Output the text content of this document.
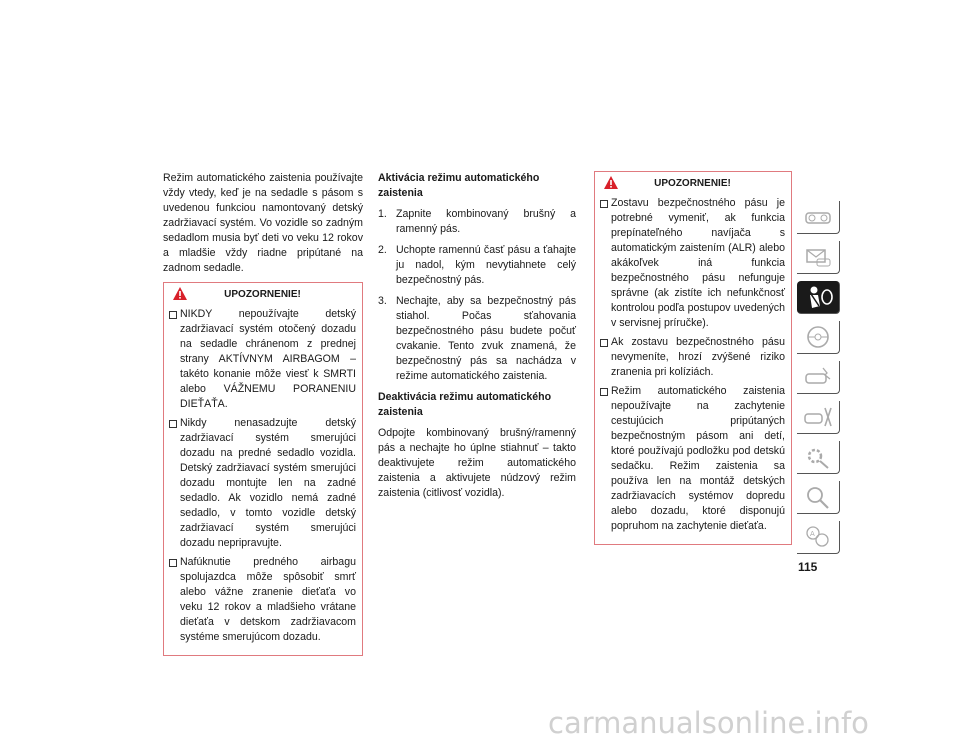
Režim automatického zaistenia používajte vždy vtedy, keď je na sedadle s pásom s uvedenou funkciou namontovaný detský zadržiavací systém. Vo vozidle so zadným sedadlom musia byť deti vo veku 12 rokov a mladšie vždy riadne pripútané na zadnom sedadle.

UPOZORNENIE!
NIKDY nepoužívajte detský zadržiavací systém otočený dozadu na sedadle chránenom z prednej strany AKTÍVNYM AIRBAGOM – takéto konanie môže viesť k SMRTI alebo VÁŽNEMU PORANENIU DIEŤAŤA.
Nikdy nenasadzujte detský zadržiavací systém smerujúci dozadu na predné sedadlo vozidla. Detský zadržiavací systém smerujúci dozadu montujte len na zadné sedadlo. Ak vozidlo nemá zadné sedadlo, v tomto vozidle detský zadržiavací systém smerujúci dozadu nepripravujte.
Nafúknutie predného airbagu spolujazdca môže spôsobiť smrť alebo vážne zranenie dieťaťa vo veku 12 rokov a mladšieho vrátane dieťaťa v detskom zadržiavacom systéme smerujúcom dozadu.
Aktivácia režimu automatického zaistenia
1. Zapnite kombinovaný brušný a ramenný pás.
2. Uchopte ramennú časť pásu a ťahajte ju nadol, kým nevytiahnete celý bezpečnostný pás.
3. Nechajte, aby sa bezpečnostný pás stiahol. Počas sťahovania bezpečnostného pásu budete počuť cvakanie. Tento zvuk znamená, že bezpečnostný pás sa nachádza v režime automatického zaistenia.
Deaktivácia režimu automatického zaistenia

Odpojte kombinovaný brušný/ramenný pás a nechajte ho úplne stiahnuť – takto deaktivujete režim automatického zaistenia a aktivujete núdzový režim zaistenia (citlivosť vozidla).

UPOZORNENIE!
Zostavu bezpečnostného pásu je potrebné vymeniť, ak funkcia prepínateľného navíjača s automatickým zaistením (ALR) alebo akákoľvek iná funkcia bezpečnostného pásu nefunguje správne (ak zistíte ich nefunkčnosť kontrolou podľa postupov uvedených v servisnej príručke).
Ak zostavu bezpečnostného pásu nevymeníte, hrozí zvýšené riziko zranenia pri kolíziách.
Režim automatického zaistenia nepoužívajte na zachytenie cestujúcich pripútaných bezpečnostným pásom ani detí, ktoré používajú podložku pod detskú sedačku. Režim zaistenia sa používa len na montáž detských zadržiavacích systémov dopredu alebo dozadu, ktoré disponujú popruhom na zachytenie dieťaťa.
A
115
carmanualsonline.info
